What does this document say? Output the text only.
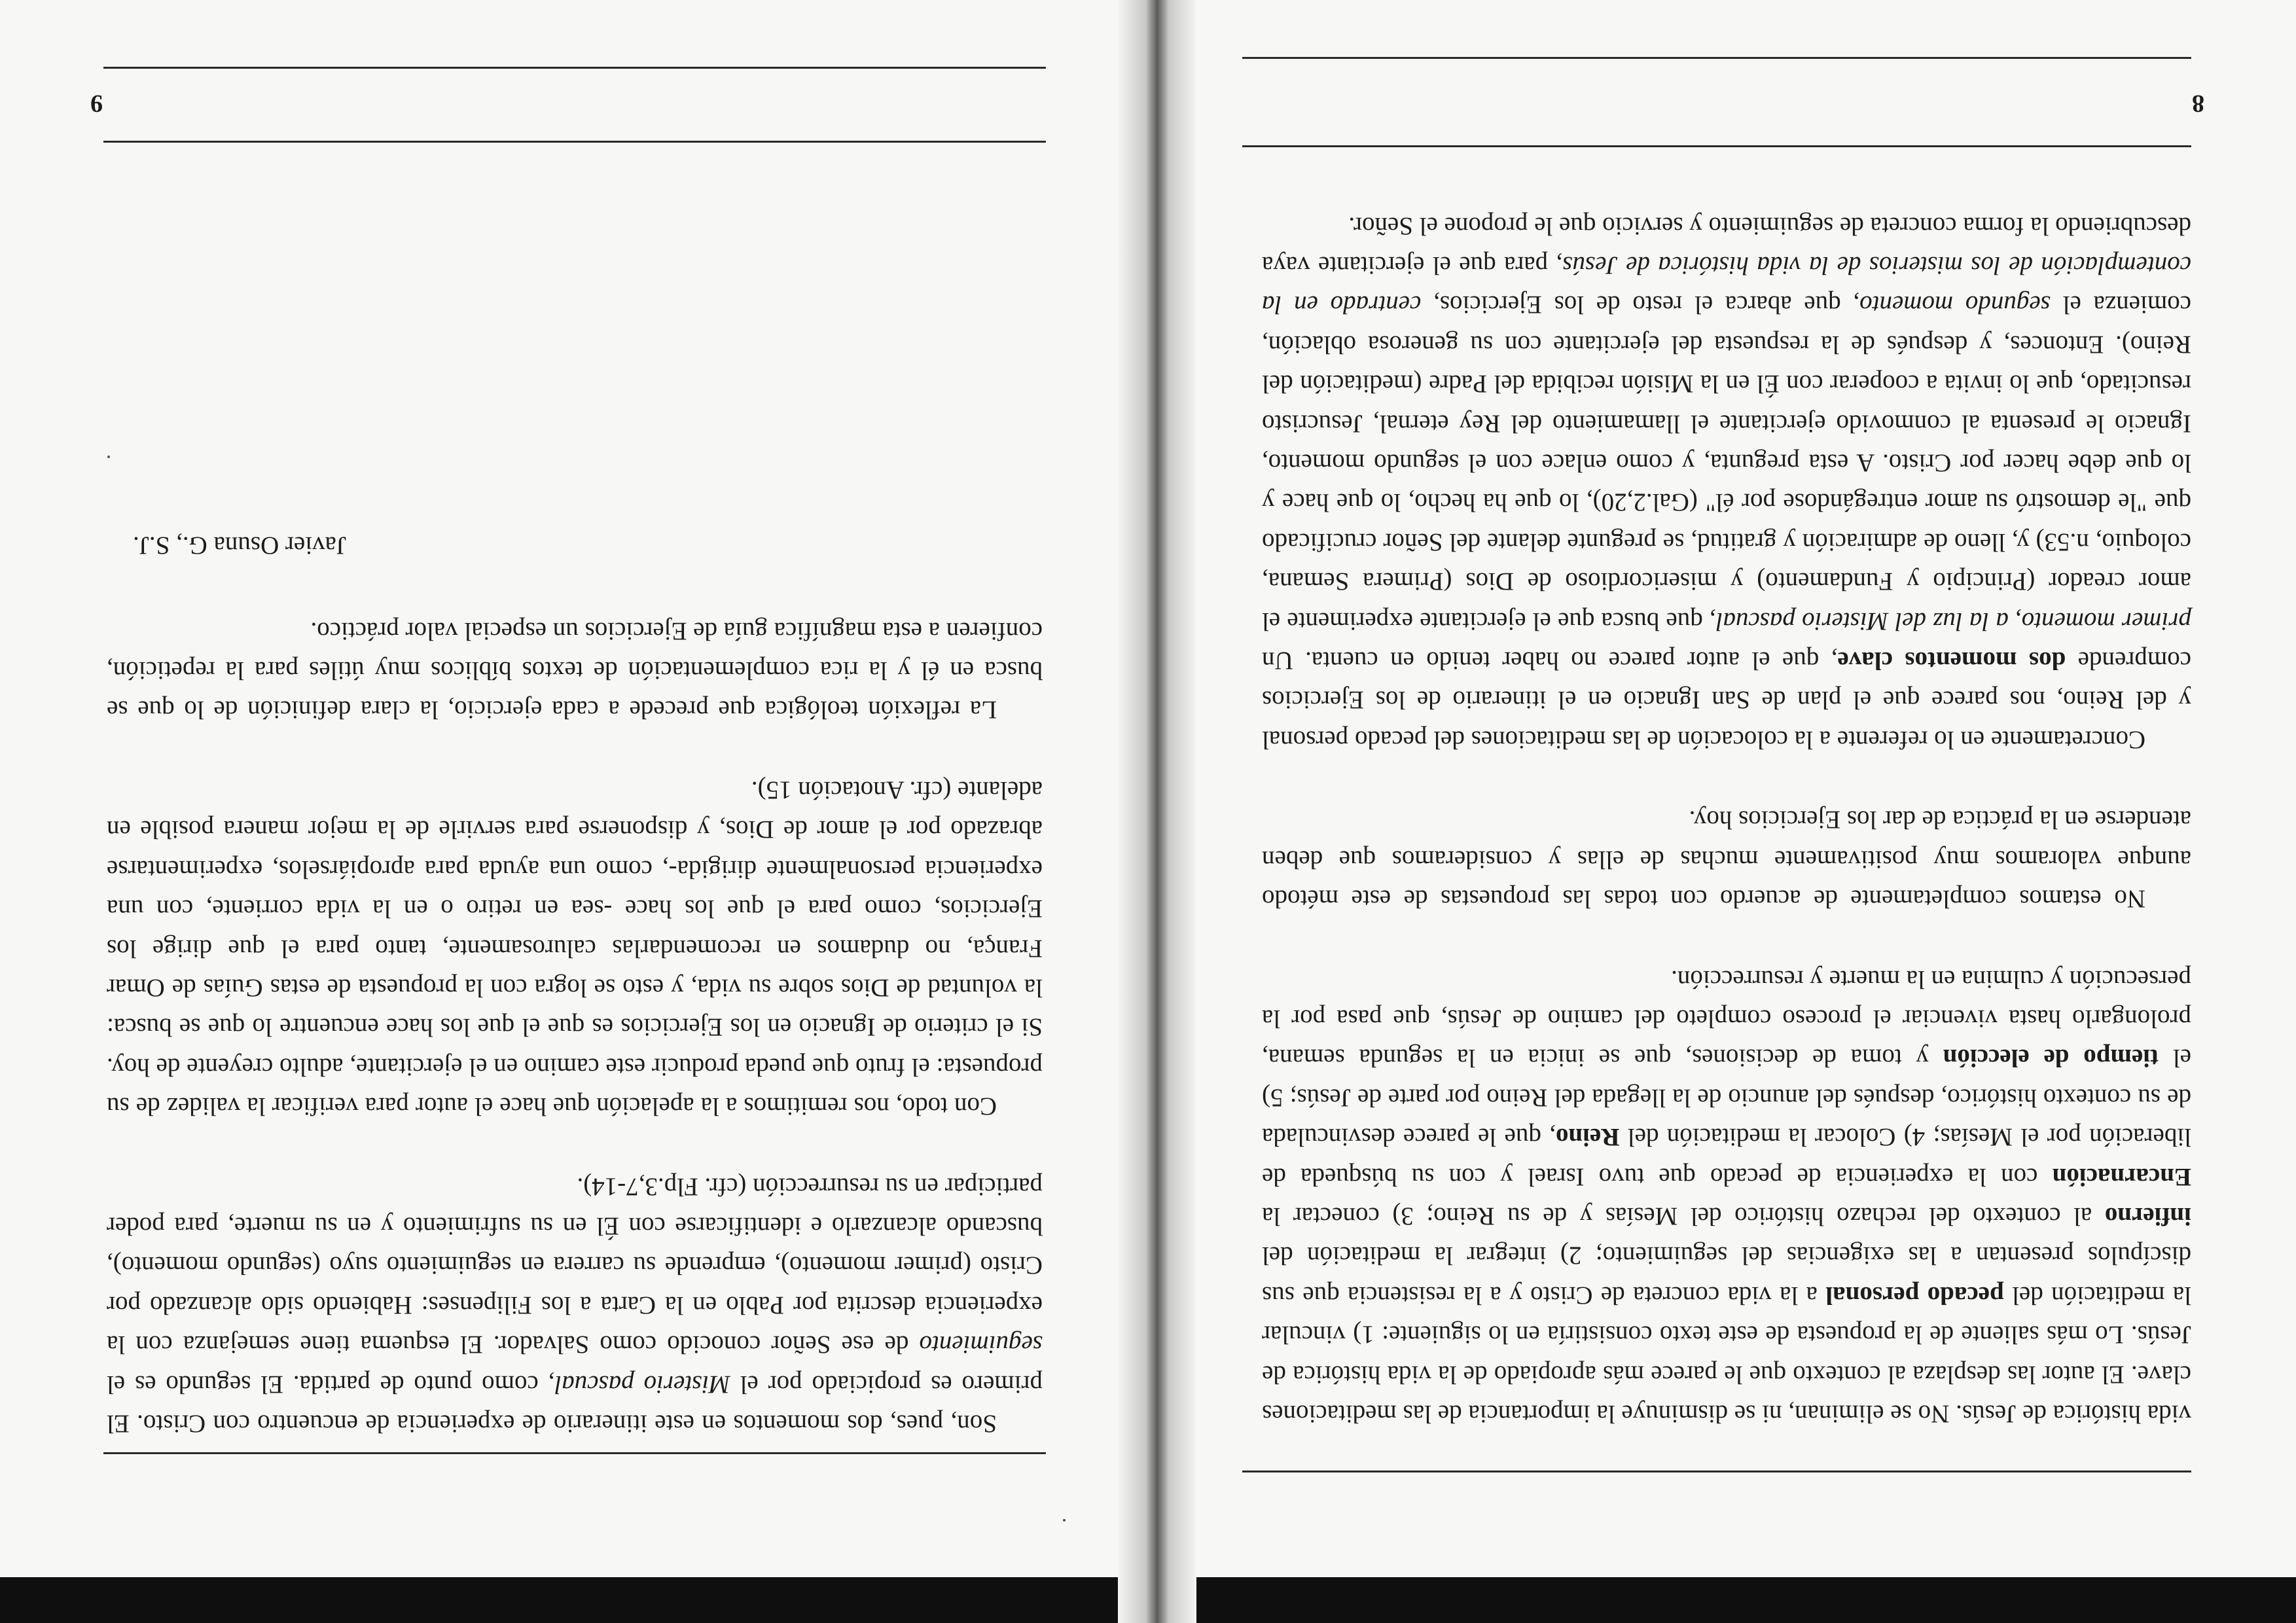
vida histórica de Jesús. No se eliminan, ni se disminuye la importancia de las meditaciones clave. El autor las desplaza al contexto que le parece más apropiado de la vida histórica de Jesús. Lo más saliente de la propuesta de este texto consistiría en lo siguiente: 1) vincular la meditación del pecado personal a la vida concreta de Cristo y a la resistencia que sus discípulos presentan a las exigencias del seguimiento; 2) integrar la meditación del infierno al contexto del rechazo histórico del Mesías y de su Reino; 3) conectar la Encarnación con la experiencia de pecado que tuvo Israel y con su búsqueda de liberación por el Mesías; 4) Colocar la meditación del Reino, que le parece desvinculada de su contexto histórico, después del anuncio de la llegada del Reino por parte de Jesús; 5) el tiempo de elección y toma de decisiones, que se inicia en la segunda semana, prolongarlo hasta vivenciar el proceso completo del camino de Jesús, que pasa por la persecución y culmina en la muerte y resurrección.

No estamos completamente de acuerdo con todas las propuestas de este método aunque valoramos muy positivamente muchas de ellas y consideramos que deben atenderse en la práctica de dar los Ejercicios hoy.

Concretamente en lo referente a la colocación de las meditaciones del pecado personal y del Reino, nos parece que el plan de San Ignacio en el itinerario de los Ejercicios comprende dos momentos clave, que el autor parece no haber tenido en cuenta. Un primer momento, a la luz del Misterio pascual, que busca que el ejercitante experimente el amor creador (Principio y Fundamento) y misericordioso de Dios (Primera Semana, coloquio, n.53) y, lleno de admiración y gratitud, se pregunte delante del Señor crucificado que "le demostró su amor entregándose por él" (Gal.2,20), lo que ha hecho, lo que hace y lo que debe hacer por Cristo. A esta pregunta, y como enlace con el segundo momento, Ignacio le presenta al conmovido ejercitante el llamamiento del Rey eternal, Jesucristo resucitado, que lo invita a cooperar con Él en la Misión recibida del Padre (meditación del Reino). Entonces, y después de la respuesta del ejercitante con su generosa oblación, comienza el segundo momento, que abarca el resto de los Ejercicios, centrado en la contemplación de los misterios de la vida histórica de Jesús, para que el ejercitante vaya descubriendo la forma concreta de seguimiento y servicio que le propone el Señor.

8

Son, pues, dos momentos en este itinerario de experiencia de encuentro con Cristo. El primero es propiciado por el Misterio pascual, como punto de partida. El segundo es el seguimiento de ese Señor conocido como Salvador. El esquema tiene semejanza con la experiencia descrita por Pablo en la Carta a los Filipenses: Habiendo sido alcanzado por Cristo (primer momento), emprende su carrera en seguimiento suyo (segundo momento), buscando alcanzarlo e identificarse con Él en su sufrimiento y en su muerte, para poder participar en su resurrección (cfr. Flp.3,7-14).

Con todo, nos remitimos a la apelación que hace el autor para verificar la validez de su propuesta: el fruto que pueda producir este camino en el ejercitante, adulto creyente de hoy. Si el criterio de Ignacio en los Ejercicios es que el que los hace encuentre lo que se busca: la voluntad de Dios sobre su vida, y esto se logra con la propuesta de estas Guías de Omar França, no dudamos en recomendarlas calurosamente, tanto para el que dirige los Ejercicios, como para el que los hace -sea en retiro o en la vida corriente, con una experiencia personalmente dirigida-, como una ayuda para apropiárselos, experimentarse abrazado por el amor de Dios, y disponerse para servirle de la mejor manera posible en adelante (cfr. Anotación 15).

La reflexión teológica que precede a cada ejercicio, la clara definición de lo que se busca en él y la rica complementación de textos bíblicos muy útiles para la repetición, confieren a esta magnífica guía de Ejercicios un especial valor práctico.

Javier Osuna G., S.J.
9
